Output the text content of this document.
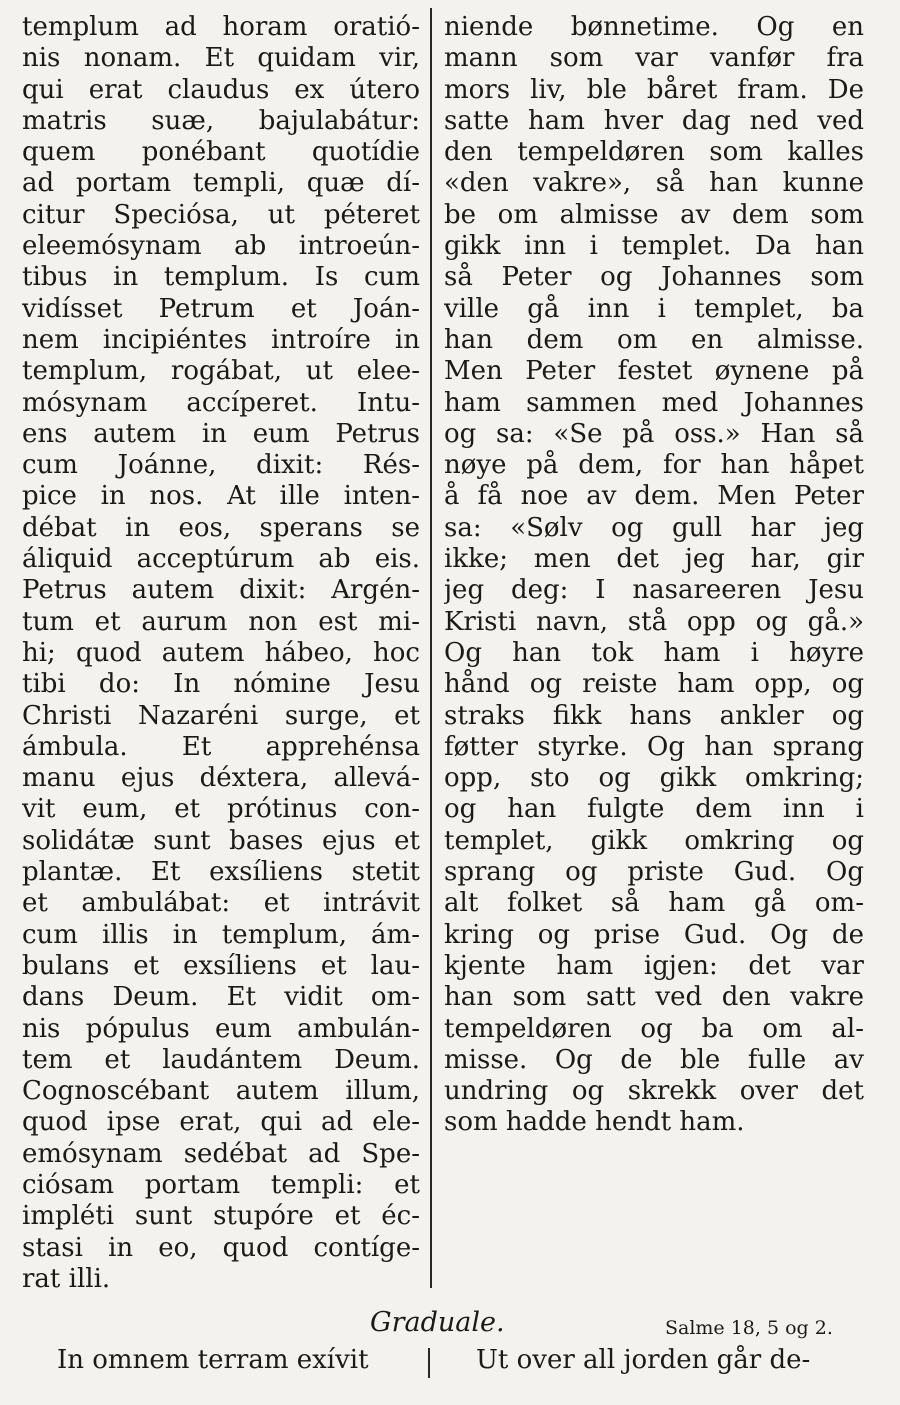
templum ad horam oratió-
nis nonam. Et quidam vir,
qui erat claudus ex útero
matris suæ, bajulabátur:
quem ponébant quotídie
ad portam templi, quæ dí-
citur Speciósa, ut péteret
eleemósynam ab introeún-
tibus in templum. Is cum
vidísset Petrum et Joán-
nem incipiéntes introíre in
templum, rogábat, ut elee-
mósynam accíperet. Intu-
ens autem in eum Petrus
cum Joánne, dixit: Rés-
pice in nos. At ille inten-
débat in eos, sperans se
áliquid acceptúrum ab eis.
Petrus autem dixit: Argén-
tum et aurum non est mi-
hi; quod autem hábeo, hoc
tibi do: In nómine Jesu
Christi Nazaréni surge, et
ámbula. Et apprehénsa
manu ejus déxtera, allevá-
vit eum, et prótinus con-
solidátæ sunt bases ejus et
plantæ. Et exsíliens stetit
et ambulábat: et intrávit
cum illis in templum, ám-
bulans et exsíliens et lau-
dans Deum. Et vidit om-
nis pópulus eum ambulán-
tem et laudántem Deum.
Cognoscébant autem illum,
quod ipse erat, qui ad ele-
emósynam sedébat ad Spe-
ciósam portam templi: et
impléti sunt stupóre et éc-
stasi in eo, quod contíge-
rat illi.
niende bønnetime. Og en
mann som var vanfør fra
mors liv, ble båret fram. De
satte ham hver dag ned ved
den tempeldøren som kalles
«den vakre», så han kunne
be om almisse av dem som
gikk inn i templet. Da han
så Peter og Johannes som
ville gå inn i templet, ba
han dem om en almisse.
Men Peter festet øynene på
ham sammen med Johannes
og sa: «Se på oss.» Han så
nøye på dem, for han håpet
å få noe av dem. Men Peter
sa: «Sølv og gull har jeg
ikke; men det jeg har, gir
jeg deg: I nasareeren Jesu
Kristi navn, stå opp og gå.»
Og han tok ham i høyre
hånd og reiste ham opp, og
straks fikk hans ankler og
føtter styrke. Og han sprang
opp, sto og gikk omkring;
og han fulgte dem inn i
templet, gikk omkring og
sprang og priste Gud. Og
alt folket så ham gå om-
kring og prise Gud. Og de
kjente ham igjen: det var
han som satt ved den vakre
tempeldøren og ba om al-
misse. Og de ble fulle av
undring og skrekk over det
som hadde hendt ham.
Graduale.	Salme 18, 5 og 2.
In omnem terram exívit	Ut over all jorden går de-
